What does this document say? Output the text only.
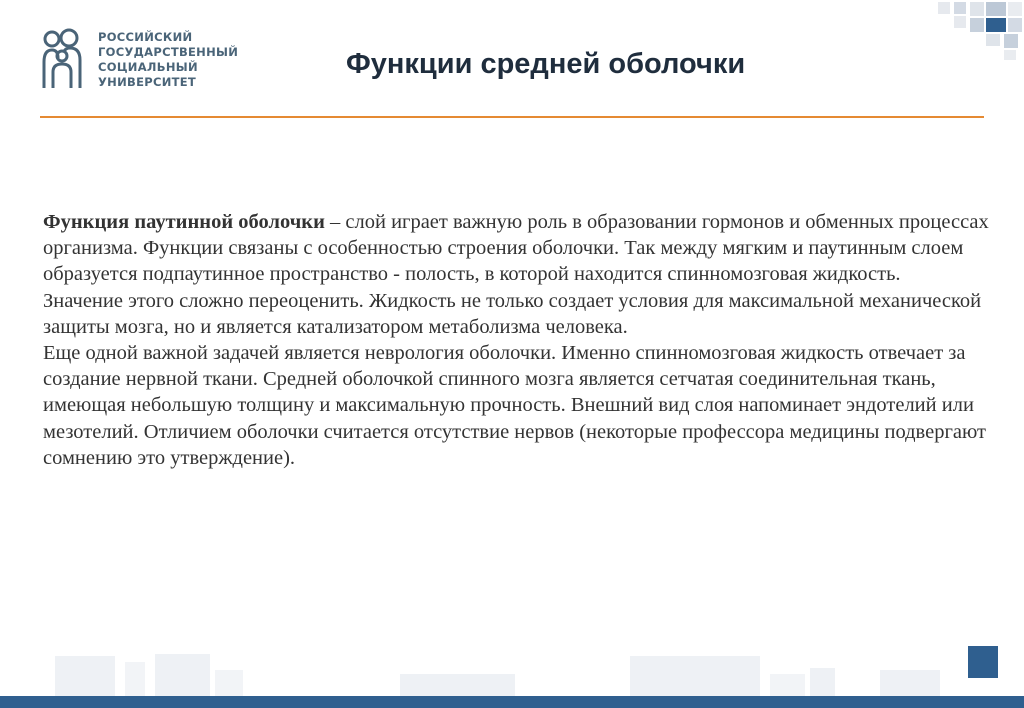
РОССИЙСКИЙ
ГОСУДАРСТВЕННЫЙ
СОЦИАЛЬНЫЙ
УНИВЕРСИТЕТ
Функции средней оболочки

Функция паутинной оболочки – слой играет важную роль в образовании гормонов и обменных процессах организма. Функции связаны с особенностью строения оболочки. Так между мягким и паутинным слоем образуется подпаутинное пространство - полость, в которой находится спинномозговая жидкость.

Значение этого сложно переоценить. Жидкость не только создает условия для максимальной механической защиты мозга, но и является катализатором метаболизма человека.

Еще одной важной задачей является неврология оболочки. Именно спинномозговая жидкость отвечает за создание нервной ткани. Средней оболочкой спинного мозга является сетчатая соединительная ткань, имеющая небольшую толщину и максимальную прочность. Внешний вид слоя напоминает эндотелий или мезотелий. Отличием оболочки считается отсутствие нервов (некоторые профессора медицины подвергают сомнению это утверждение).
